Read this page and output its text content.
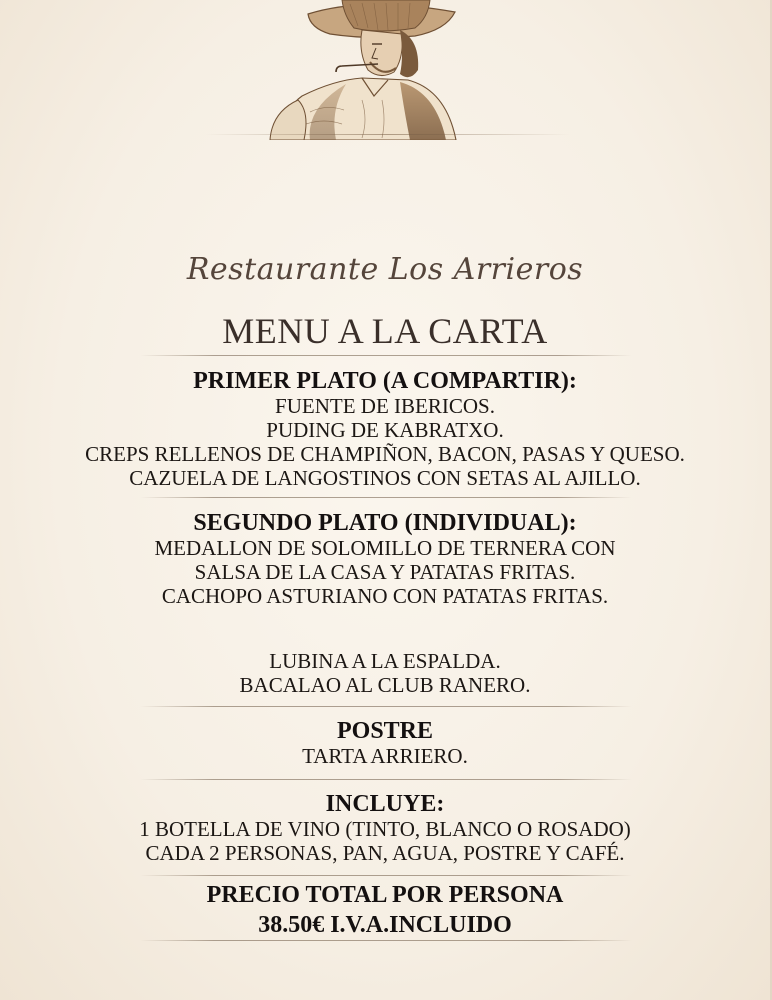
Restaurante Los Arrieros
MENU A LA CARTA
PRIMER PLATO (A COMPARTIR):
FUENTE DE IBERICOS.
PUDING DE KABRATXO.
CREPS RELLENOS DE CHAMPIÑON, BACON, PASAS Y QUESO.
CAZUELA DE LANGOSTINOS CON SETAS AL AJILLO.
SEGUNDO PLATO (INDIVIDUAL):
MEDALLON DE SOLOMILLO DE TERNERA CON
SALSA DE LA CASA Y PATATAS FRITAS.
CACHOPO ASTURIANO CON PATATAS FRITAS.
LUBINA A LA ESPALDA.
BACALAO AL CLUB RANERO.
POSTRE
TARTA ARRIERO.
INCLUYE:
1 BOTELLA DE VINO (TINTO, BLANCO O ROSADO)
CADA 2 PERSONAS, PAN, AGUA, POSTRE Y CAFÉ.
PRECIO TOTAL POR PERSONA
38.50€ I.V.A.INCLUIDO
